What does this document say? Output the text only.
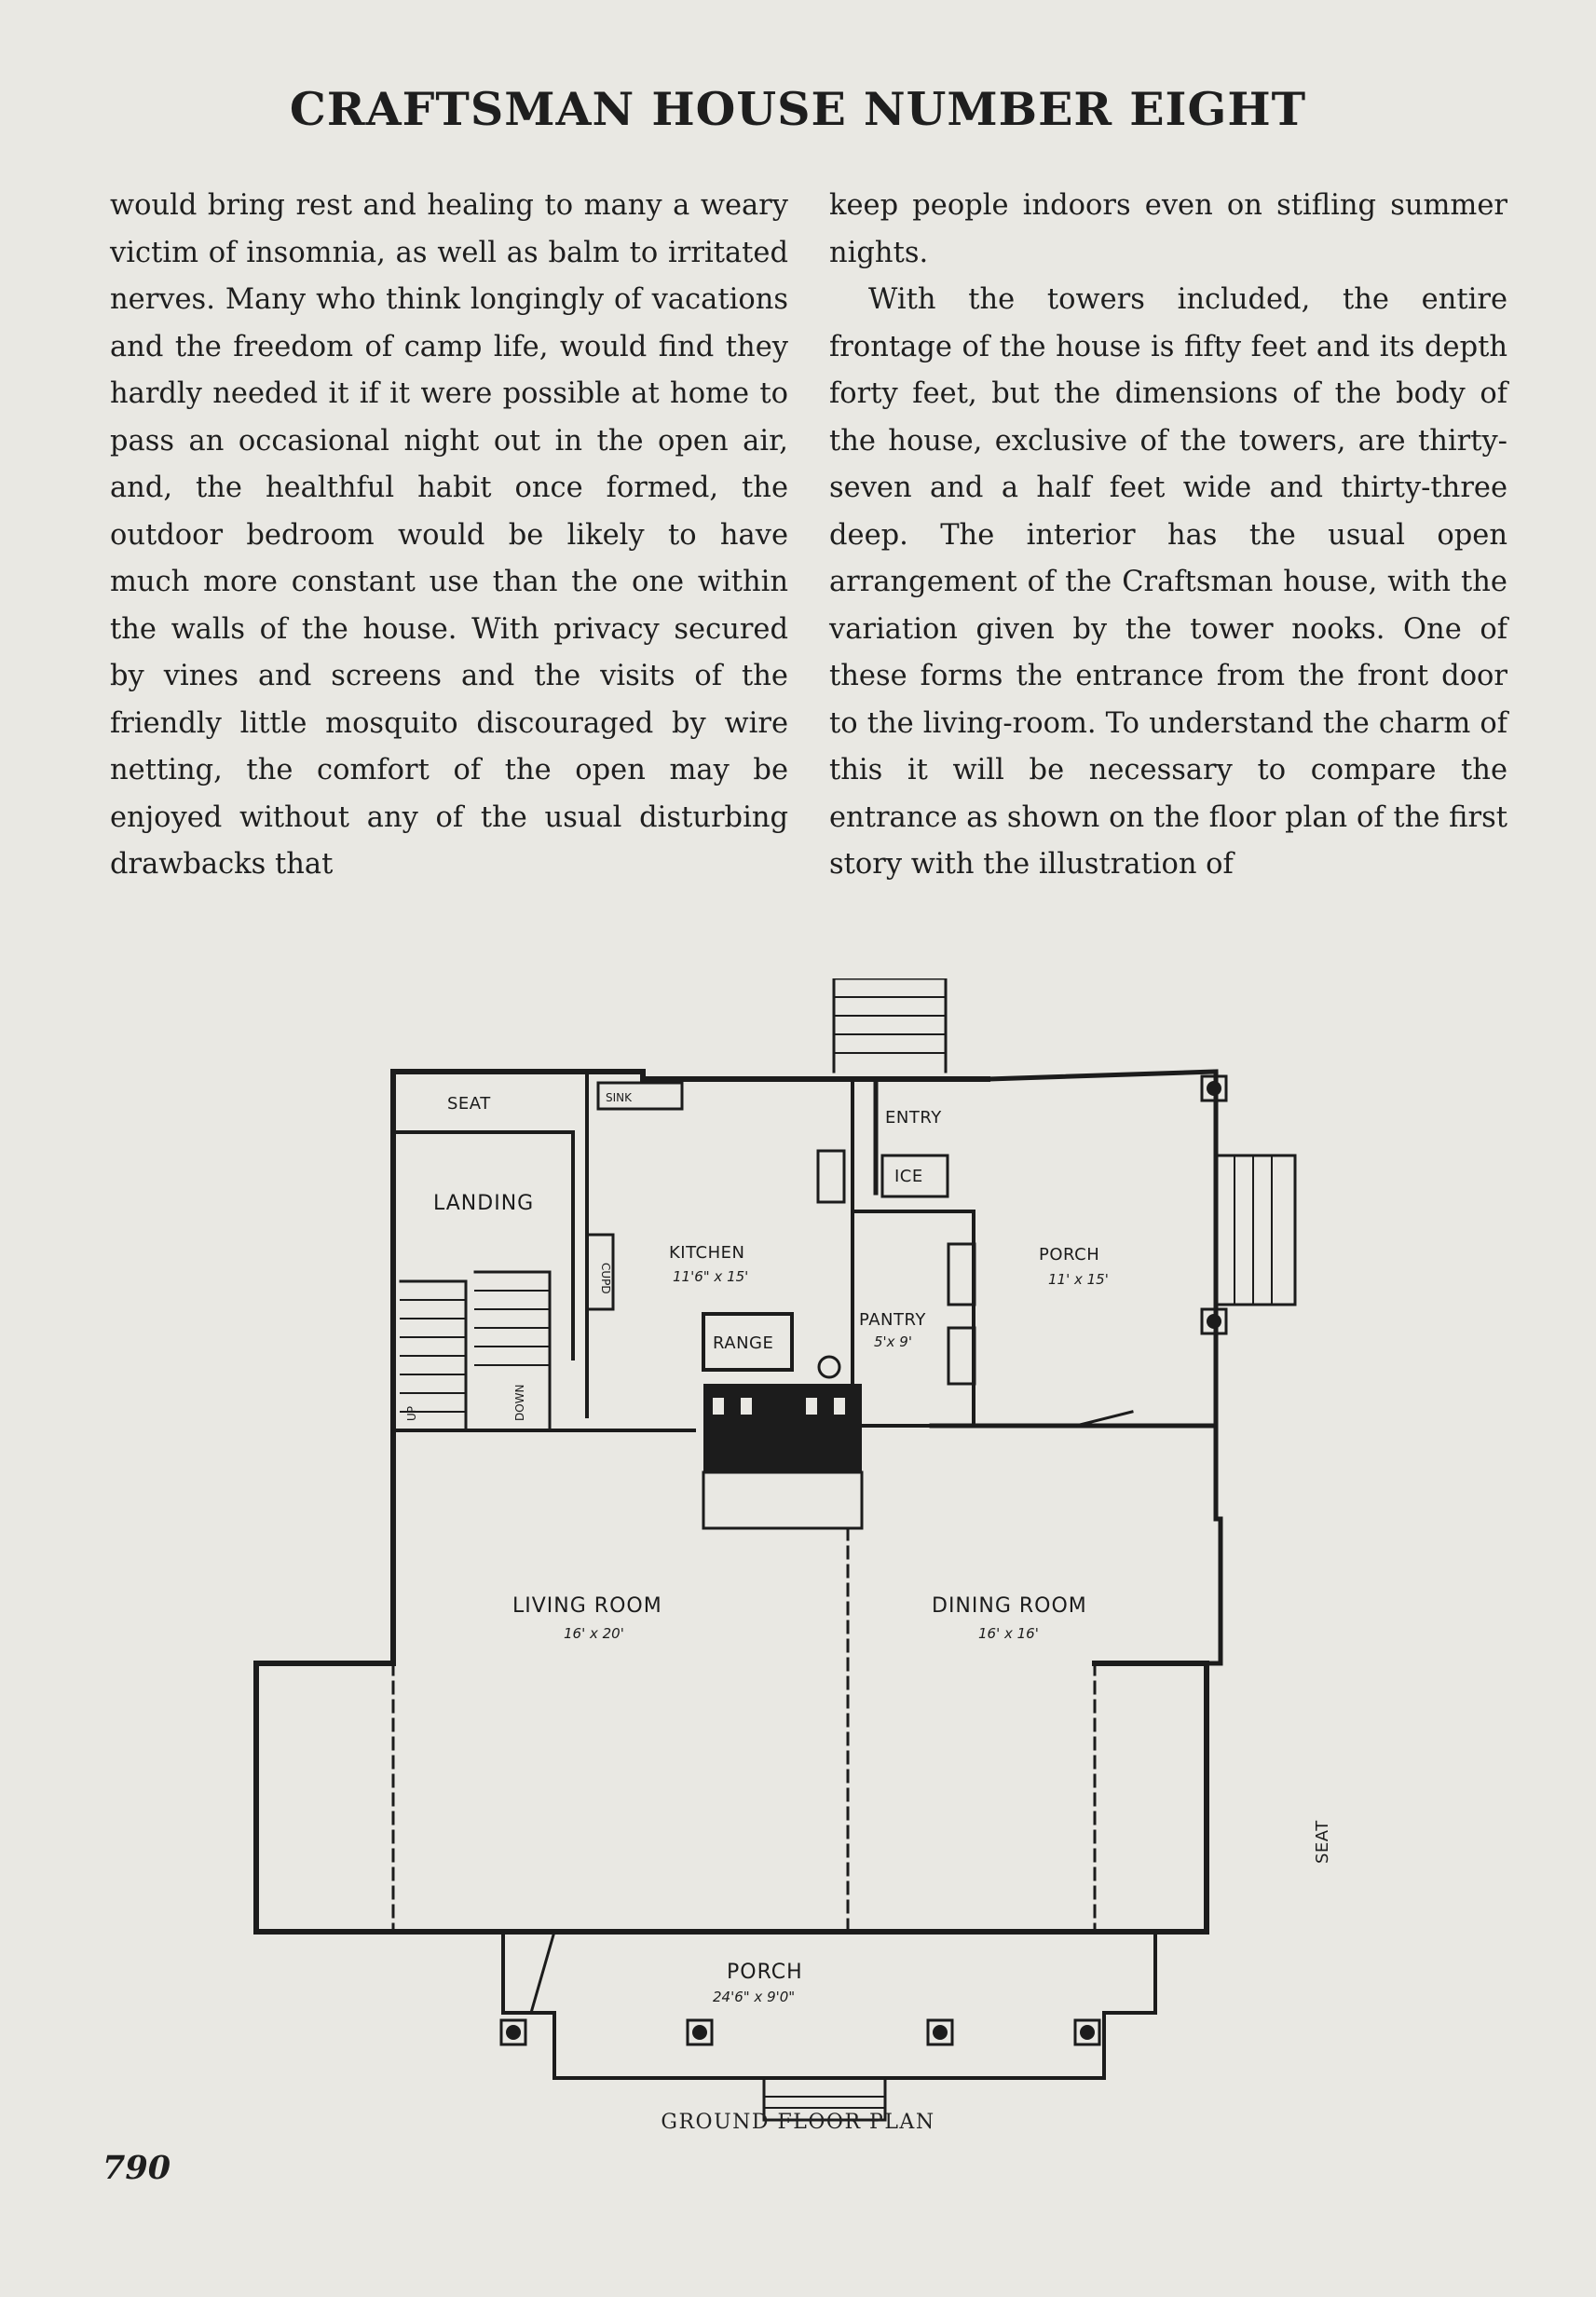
CRAFTSMAN HOUSE NUMBER EIGHT

would bring rest and healing to many a weary victim of insomnia, as well as balm to irritated nerves. Many who think longingly of vacations and the freedom of camp life, would find they hardly needed it if it were possible at home to pass an occasional night out in the open air, and, the healthful habit once formed, the outdoor bedroom would be likely to have much more constant use than the one within the walls of the house. With privacy secured by vines and screens and the visits of the friendly little mosquito discouraged by wire netting, the comfort of the open may be enjoyed without any of the usual disturbing drawbacks that

keep people indoors even on stifling summer nights.

With the towers included, the entire frontage of the house is fifty feet and its depth forty feet, but the dimensions of the body of the house, exclusive of the towers, are thirty-seven and a half feet wide and thirty-three deep. The interior has the usual open arrangement of the Craftsman house, with the variation given by the tower nooks. One of these forms the entrance from the front door to the living-room. To understand the charm of this it will be necessary to compare the entrance as shown on the floor plan of the first story with the illustration of

SEAT	SINK
ENTRY
ICE
LANDING
KITCHEN
11'6" x 15'
PORCH
11' x 15'
PANTRY
5'x 9'
RANGE
CUPD
UP	DOWN
LIVING ROOM
16' x 20'
DINING ROOM
16' x 16'
PORCH
24'6" x 9'0"
SEAT
GROUND FLOOR PLAN
790
